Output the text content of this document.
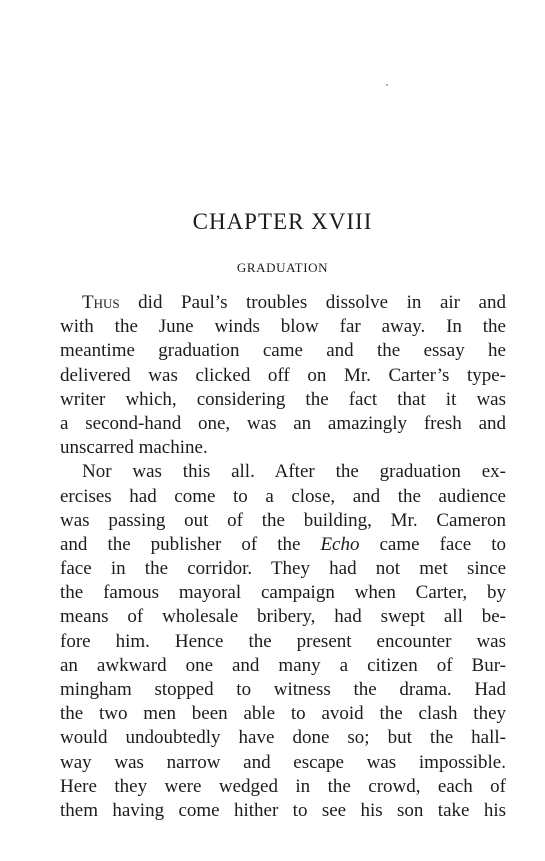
CHAPTER XVIII
GRADUATION
Thus did Paul’s troubles dissolve in air and
with the June winds blow far away. In the
meantime graduation came and the essay he
delivered was clicked off on Mr. Carter’s type-
writer which, considering the fact that it was
a second-hand one, was an amazingly fresh and
unscarred machine.
Nor was this all. After the graduation ex-
ercises had come to a close, and the audience
was passing out of the building, Mr. Cameron
and the publisher of the Echo came face to
face in the corridor. They had not met since
the famous mayoral campaign when Carter, by
means of wholesale bribery, had swept all be-
fore him. Hence the present encounter was
an awkward one and many a citizen of Bur-
mingham stopped to witness the drama. Had
the two men been able to avoid the clash they
would undoubtedly have done so; but the hall-
way was narrow and escape was impossible.
Here they were wedged in the crowd, each of
them having come hither to see his son take his
